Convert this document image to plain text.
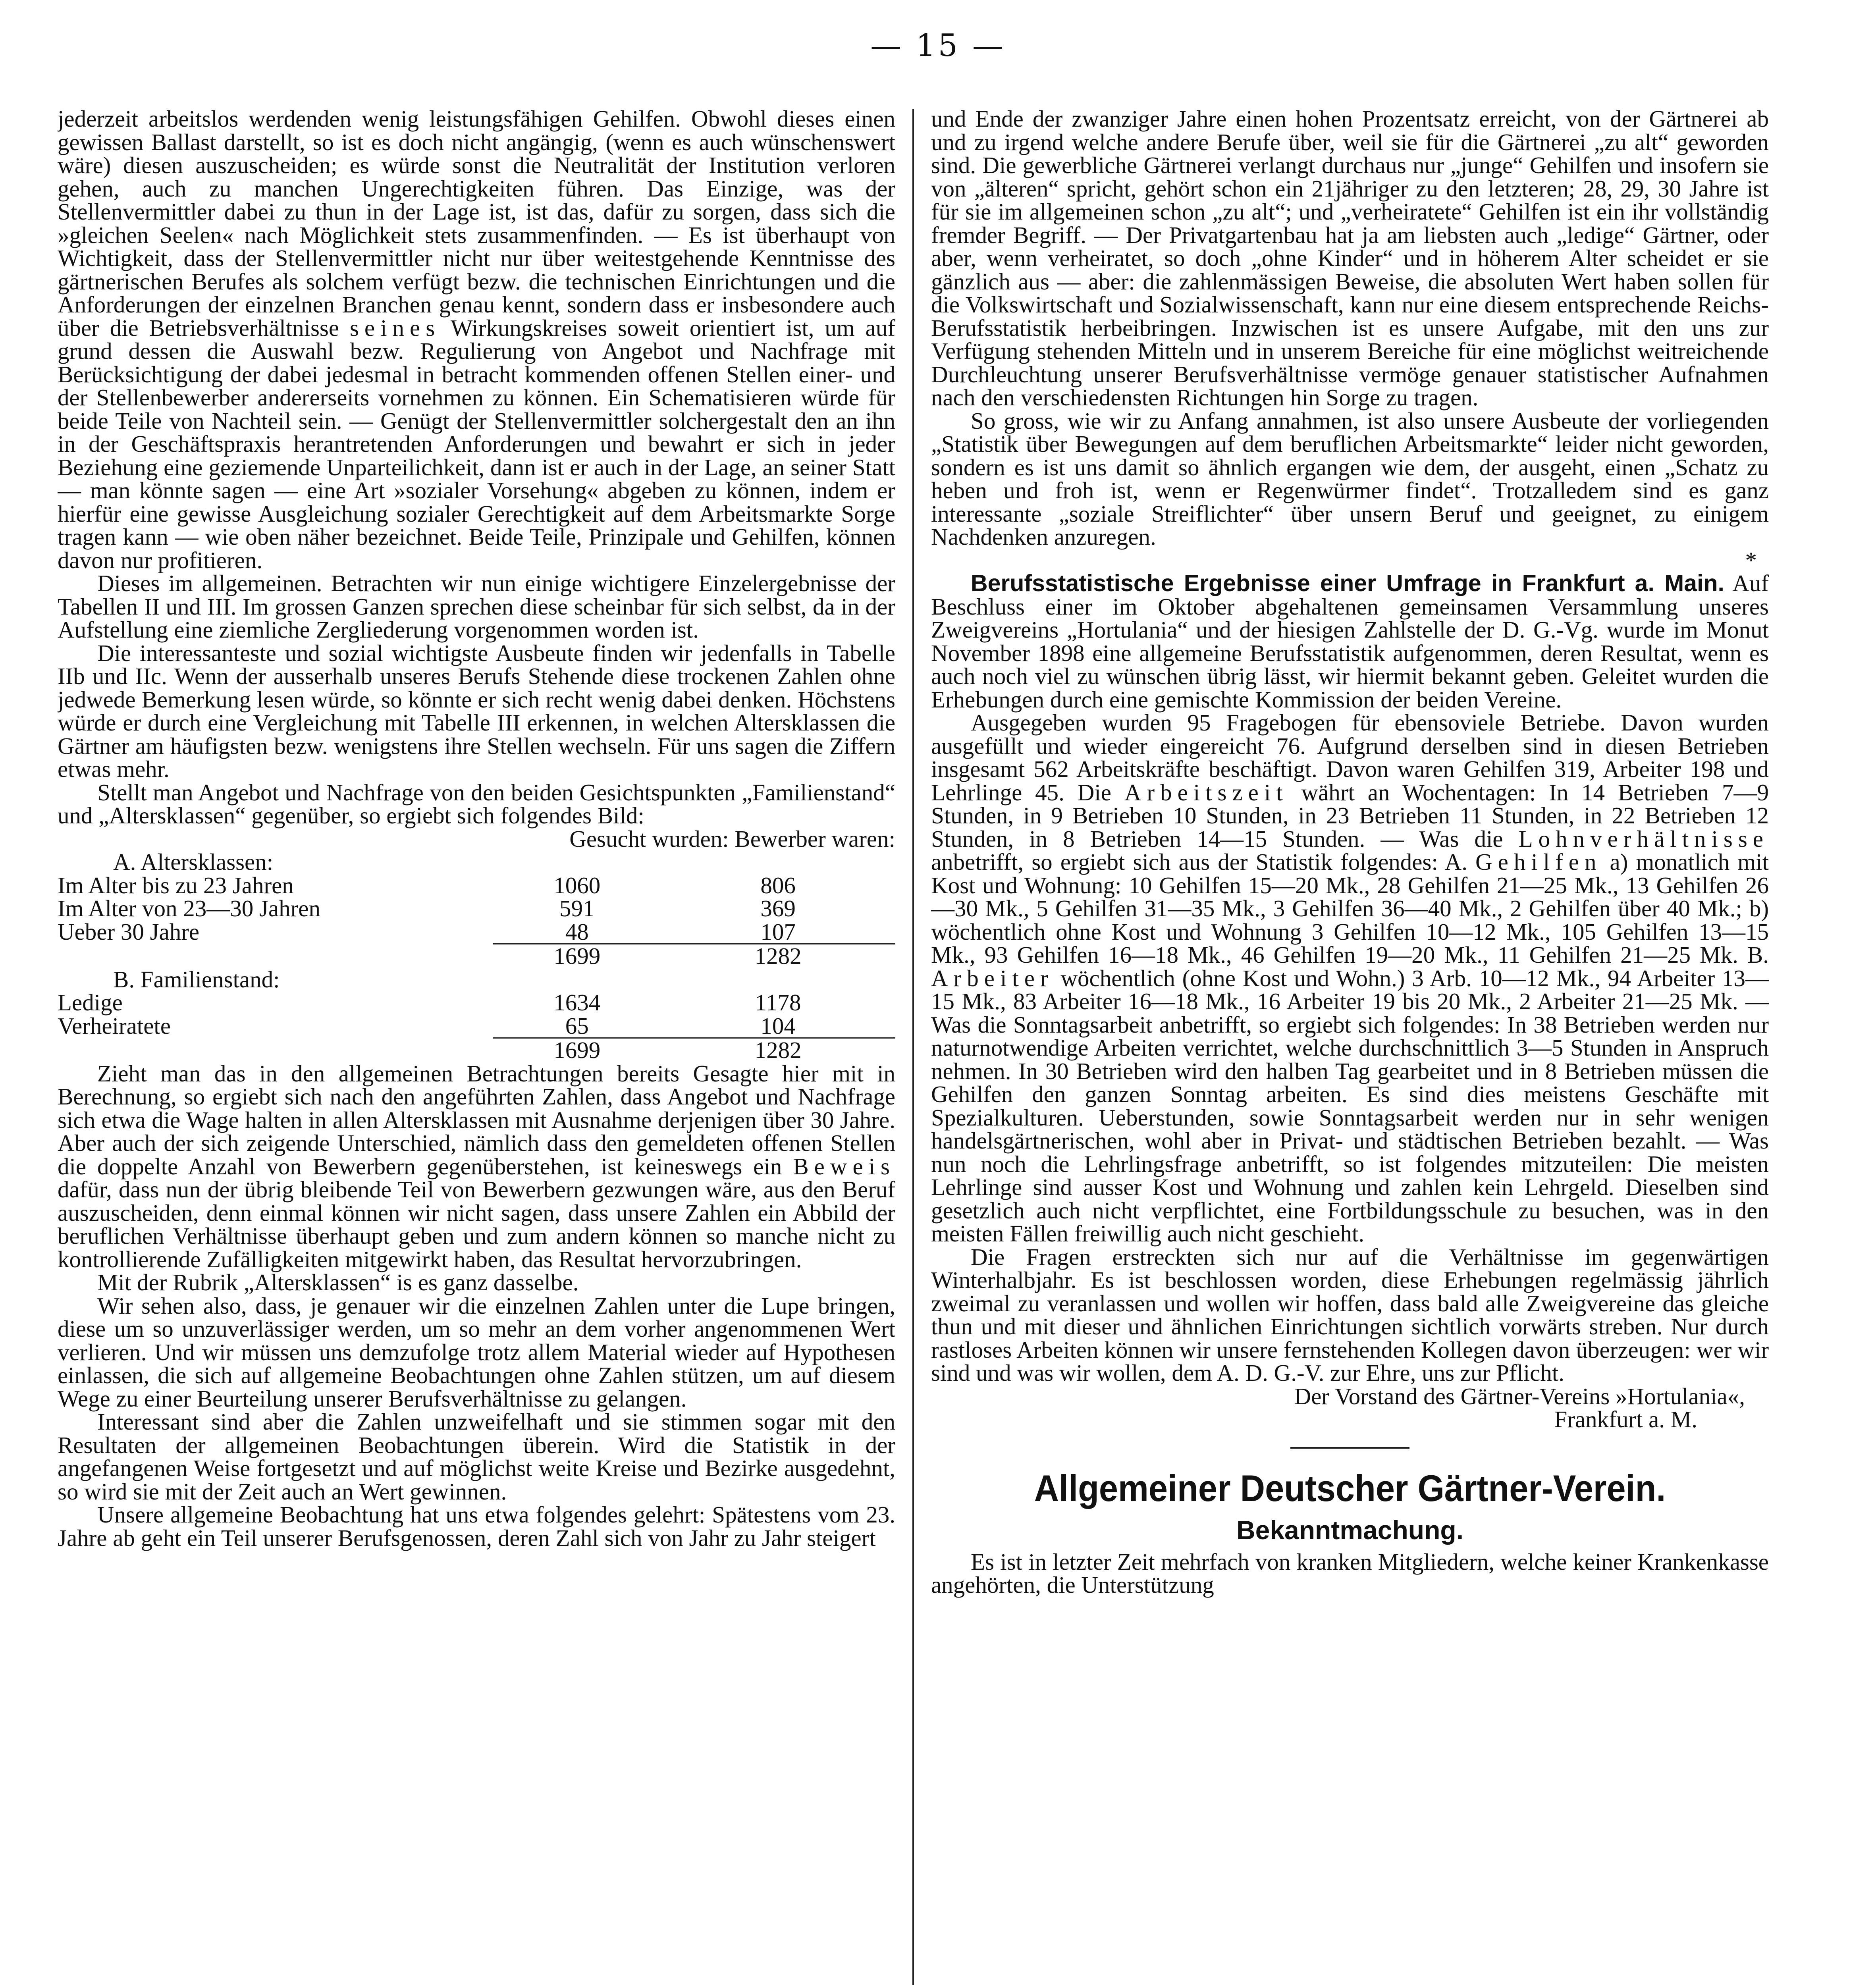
— 15 —

jederzeit arbeitslos werdenden wenig leistungsfähigen Gehilfen. Obwohl dieses einen gewissen Ballast darstellt, so ist es doch nicht angängig, (wenn es auch wünschenswert wäre) diesen auszuscheiden; es würde sonst die Neutralität der Institution verloren gehen, auch zu manchen Ungerechtigkeiten führen. Das Einzige, was der Stellenvermittler dabei zu thun in der Lage ist, ist das, dafür zu sorgen, dass sich die »gleichen Seelen« nach Möglichkeit stets zusammenfinden. — Es ist überhaupt von Wichtigkeit, dass der Stellenvermittler nicht nur über weitestgehende Kenntnisse des gärtnerischen Berufes als solchem verfügt bezw. die technischen Einrichtungen und die Anforderungen der einzelnen Branchen genau kennt, sondern dass er insbesondere auch über die Betriebsverhältnisse seines Wirkungskreises soweit orientiert ist, um auf grund dessen die Auswahl bezw. Regulierung von Angebot und Nachfrage mit Berücksichtigung der dabei jedesmal in betracht kommenden offenen Stellen einer- und der Stellenbewerber andererseits vornehmen zu können. Ein Schematisieren würde für beide Teile von Nachteil sein. — Genügt der Stellenvermittler solchergestalt den an ihn in der Geschäftspraxis herantretenden Anforderungen und bewahrt er sich in jeder Beziehung eine geziemende Unparteilichkeit, dann ist er auch in der Lage, an seiner Statt — man könnte sagen — eine Art »sozialer Vorsehung« abgeben zu können, indem er hierfür eine gewisse Ausgleichung sozialer Gerechtigkeit auf dem Arbeitsmarkte Sorge tragen kann — wie oben näher bezeichnet. Beide Teile, Prinzipale und Gehilfen, können davon nur profitieren.

Dieses im allgemeinen. Betrachten wir nun einige wichtigere Einzelergebnisse der Tabellen II und III. Im grossen Ganzen sprechen diese scheinbar für sich selbst, da in der Aufstellung eine ziemliche Zergliederung vorgenommen worden ist.

Die interessanteste und sozial wichtigste Ausbeute finden wir jedenfalls in Tabelle IIb und IIc. Wenn der ausserhalb unseres Berufs Stehende diese trockenen Zahlen ohne jedwede Bemerkung lesen würde, so könnte er sich recht wenig dabei denken. Höchstens würde er durch eine Vergleichung mit Tabelle III erkennen, in welchen Altersklassen die Gärtner am häufigsten bezw. wenigstens ihre Stellen wechseln. Für uns sagen die Ziffern etwas mehr.

Stellt man Angebot und Nachfrage von den beiden Gesichtspunkten „Familienstand“ und „Altersklassen“ gegenüber, so ergiebt sich folgendes Bild:

Gesucht wurden: Bewerber waren:
A. Altersklassen:		
Im Alter bis zu 23 Jahren	1060	806
Im Alter von 23—30 Jahren	591	369
Ueber 30 Jahre	48	107
	1699	1282
B. Familienstand:		
Ledige	1634	1178
Verheiratete	65	104
	1699	1282

Zieht man das in den allgemeinen Betrachtungen bereits Gesagte hier mit in Berechnung, so ergiebt sich nach den angeführten Zahlen, dass Angebot und Nachfrage sich etwa die Wage halten in allen Altersklassen mit Ausnahme derjenigen über 30 Jahre. Aber auch der sich zeigende Unterschied, nämlich dass den gemeldeten offenen Stellen die doppelte Anzahl von Bewerbern gegenüberstehen, ist keineswegs ein Beweis dafür, dass nun der übrig bleibende Teil von Bewerbern gezwungen wäre, aus den Beruf auszuscheiden, denn einmal können wir nicht sagen, dass unsere Zahlen ein Abbild der beruflichen Verhältnisse überhaupt geben und zum andern können so manche nicht zu kontrollierende Zufälligkeiten mitgewirkt haben, das Resultat hervorzubringen.

Mit der Rubrik „Altersklassen“ is es ganz dasselbe.

Wir sehen also, dass, je genauer wir die einzelnen Zahlen unter die Lupe bringen, diese um so unzuverlässiger werden, um so mehr an dem vorher angenommenen Wert verlieren. Und wir müssen uns demzufolge trotz allem Material wieder auf Hypothesen einlassen, die sich auf allgemeine Beobachtungen ohne Zahlen stützen, um auf diesem Wege zu einer Beurteilung unserer Berufsverhältnisse zu gelangen.

Interessant sind aber die Zahlen unzweifelhaft und sie stimmen sogar mit den Resultaten der allgemeinen Beobachtungen überein. Wird die Statistik in der angefangenen Weise fortgesetzt und auf möglichst weite Kreise und Bezirke ausgedehnt, so wird sie mit der Zeit auch an Wert gewinnen.

Unsere allgemeine Beobachtung hat uns etwa folgendes gelehrt: Spätestens vom 23. Jahre ab geht ein Teil unserer Berufsgenossen, deren Zahl sich von Jahr zu Jahr steigert

und Ende der zwanziger Jahre einen hohen Prozentsatz erreicht, von der Gärtnerei ab und zu irgend welche andere Berufe über, weil sie für die Gärtnerei „zu alt“ geworden sind. Die gewerbliche Gärtnerei verlangt durchaus nur „junge“ Gehilfen und insofern sie von „älteren“ spricht, gehört schon ein 21jähriger zu den letzteren; 28, 29, 30 Jahre ist für sie im allgemeinen schon „zu alt“; und „verheiratete“ Gehilfen ist ein ihr vollständig fremder Begriff. — Der Privatgartenbau hat ja am liebsten auch „ledige“ Gärtner, oder aber, wenn verheiratet, so doch „ohne Kinder“ und in höherem Alter scheidet er sie gänzlich aus — aber: die zahlenmässigen Beweise, die absoluten Wert haben sollen für die Volkswirtschaft und Sozialwissenschaft, kann nur eine diesem entsprechende Reichs-Berufsstatistik herbeibringen. Inzwischen ist es unsere Aufgabe, mit den uns zur Verfügung stehenden Mitteln und in unserem Bereiche für eine möglichst weitreichende Durchleuchtung unserer Berufsverhältnisse vermöge genauer statistischer Aufnahmen nach den verschiedensten Richtungen hin Sorge zu tragen.

So gross, wie wir zu Anfang annahmen, ist also unsere Ausbeute der vorliegenden „Statistik über Bewegungen auf dem beruflichen Arbeitsmarkte“ leider nicht geworden, sondern es ist uns damit so ähnlich ergangen wie dem, der ausgeht, einen „Schatz zu heben und froh ist, wenn er Regenwürmer findet“. Trotzalledem sind es ganz interessante „soziale Streiflichter“ über unsern Beruf und geeignet, zu einigem Nachdenken anzuregen.

*

Berufsstatistische Ergebnisse einer Umfrage in Frankfurt a. Main. Auf Beschluss einer im Oktober abgehaltenen gemeinsamen Versammlung unseres Zweigvereins „Hortulania“ und der hiesigen Zahlstelle der D. G.-Vg. wurde im Monut November 1898 eine allgemeine Berufsstatistik aufgenommen, deren Resultat, wenn es auch noch viel zu wünschen übrig lässt, wir hiermit bekannt geben. Geleitet wurden die Erhebungen durch eine gemischte Kommission der beiden Vereine.

Ausgegeben wurden 95 Fragebogen für ebensoviele Betriebe. Davon wurden ausgefüllt und wieder eingereicht 76. Aufgrund derselben sind in diesen Betrieben insgesamt 562 Arbeitskräfte beschäftigt. Davon waren Gehilfen 319, Arbeiter 198 und Lehrlinge 45. Die Arbeitszeit währt an Wochentagen: In 14 Betrieben 7—9 Stunden, in 9 Betrieben 10 Stunden, in 23 Betrieben 11 Stunden, in 22 Betrieben 12 Stunden, in 8 Betrieben 14—15 Stunden. — Was die Lohnverhältnisse anbetrifft, so ergiebt sich aus der Statistik folgendes: A. Gehilfen a) monatlich mit Kost und Wohnung: 10 Gehilfen 15—20 Mk., 28 Gehilfen 21—25 Mk., 13 Gehilfen 26—30 Mk., 5 Gehilfen 31—35 Mk., 3 Gehilfen 36—40 Mk., 2 Gehilfen über 40 Mk.; b) wöchentlich ohne Kost und Wohnung 3 Gehilfen 10—12 Mk., 105 Gehilfen 13—15 Mk., 93 Gehilfen 16—18 Mk., 46 Gehilfen 19—20 Mk., 11 Gehilfen 21—25 Mk. B. Arbeiter wöchentlich (ohne Kost und Wohn.) 3 Arb. 10—12 Mk., 94 Arbeiter 13—15 Mk., 83 Arbeiter 16—18 Mk., 16 Arbeiter 19 bis 20 Mk., 2 Arbeiter 21—25 Mk. — Was die Sonntagsarbeit anbetrifft, so ergiebt sich folgendes: In 38 Betrieben werden nur naturnotwendige Arbeiten verrichtet, welche durchschnittlich 3—5 Stunden in Anspruch nehmen. In 30 Betrieben wird den halben Tag gearbeitet und in 8 Betrieben müssen die Gehilfen den ganzen Sonntag arbeiten. Es sind dies meistens Geschäfte mit Spezialkulturen. Ueberstunden, sowie Sonntagsarbeit werden nur in sehr wenigen handelsgärtnerischen, wohl aber in Privat- und städtischen Betrieben bezahlt. — Was nun noch die Lehrlingsfrage anbetrifft, so ist folgendes mitzuteilen: Die meisten Lehrlinge sind ausser Kost und Wohnung und zahlen kein Lehrgeld. Dieselben sind gesetzlich auch nicht verpflichtet, eine Fortbildungsschule zu besuchen, was in den meisten Fällen freiwillig auch nicht geschieht.

Die Fragen erstreckten sich nur auf die Verhältnisse im gegenwärtigen Winterhalbjahr. Es ist beschlossen worden, diese Erhebungen regelmässig jährlich zweimal zu veranlassen und wollen wir hoffen, dass bald alle Zweigvereine das gleiche thun und mit dieser und ähnlichen Einrichtungen sichtlich vorwärts streben. Nur durch rastloses Arbeiten können wir unsere fernstehenden Kollegen davon überzeugen: wer wir sind und was wir wollen, dem A. D. G.-V. zur Ehre, uns zur Pflicht.

Der Vorstand des Gärtner-Vereins »Hortulania«,
Frankfurt a. M.
Allgemeiner Deutscher Gärtner-Verein.
Bekanntmachung.

Es ist in letzter Zeit mehrfach von kranken Mitgliedern, welche keiner Krankenkasse angehörten, die Unterstützung
